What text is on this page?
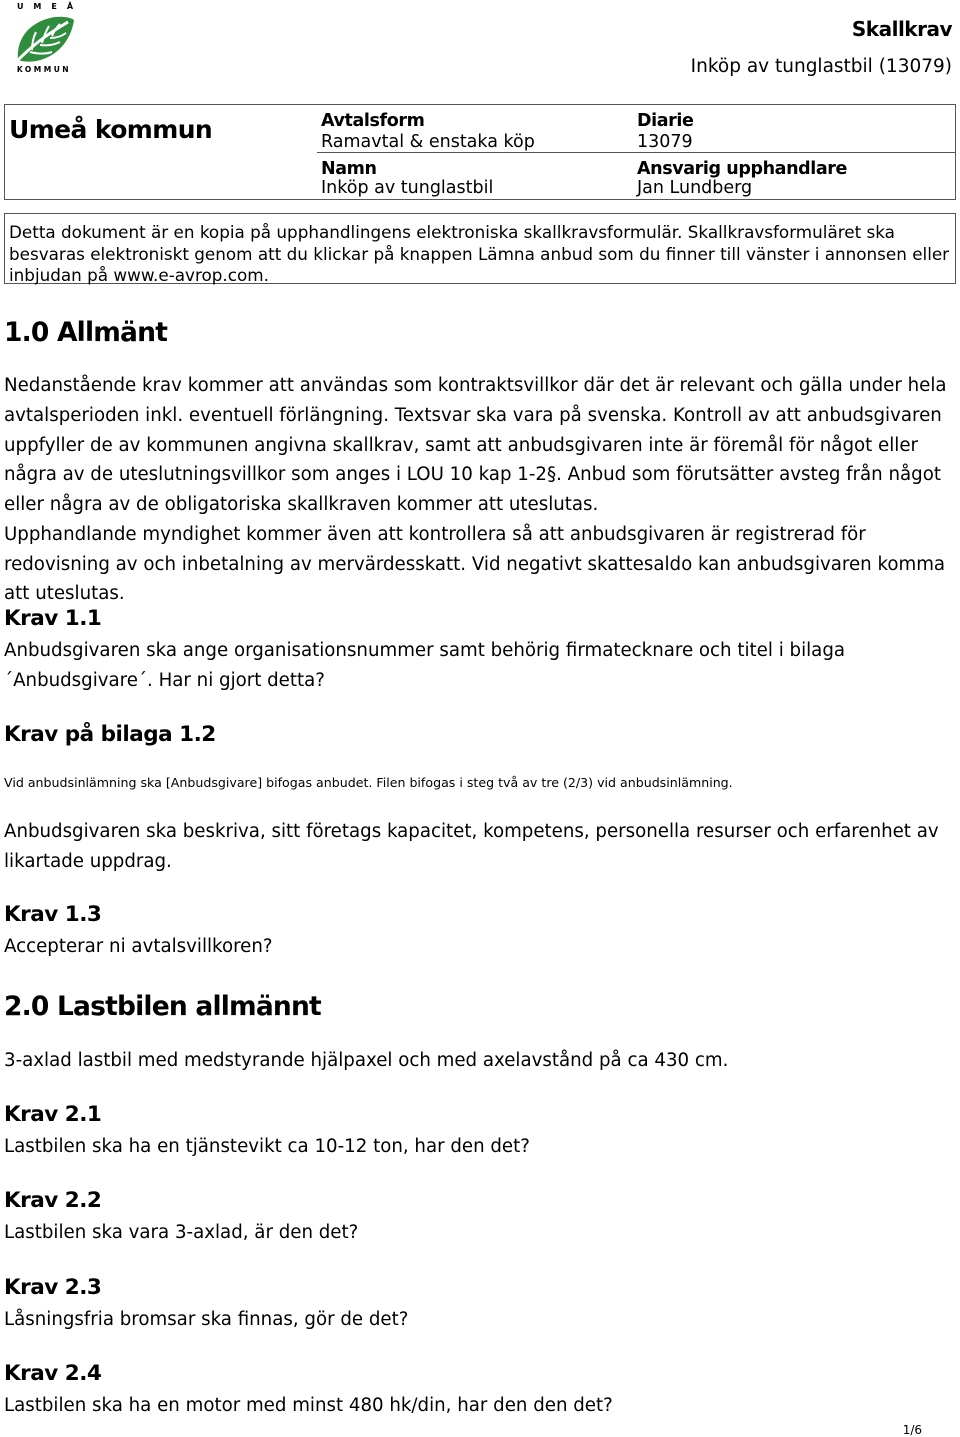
UMEÅ
KOMMUN
Skallkrav
Inköp av tunglastbil (13079)
Umeå kommun	Avtalsform
Ramavtal & enstaka köp
Namn
Inköp av tunglastbil
Diarie
13079
Ansvarig upphandlare
Jan Lundberg
Detta dokument är en kopia på upphandlingens elektroniska skallkravsformulär. Skallkravsformuläret ska besvaras elektroniskt genom att du klickar på knappen Lämna anbud som du finner till vänster i annonsen eller inbjudan på www.e-avrop.com.
1.0 Allmänt
Nedanstående krav kommer att användas som kontraktsvillkor där det är relevant och gälla under hela avtalsperioden inkl. eventuell förlängning. Textsvar ska vara på svenska. Kontroll av att anbudsgivaren uppfyller de av kommunen angivna skallkrav, samt att anbudsgivaren inte är föremål för något eller några av de uteslutningsvillkor som anges i LOU 10 kap 1-2§. Anbud som förutsätter avsteg från något eller några av de obligatoriska skallkraven kommer att uteslutas.
Upphandlande myndighet kommer även att kontrollera så att anbudsgivaren är registrerad för redovisning av och inbetalning av mervärdesskatt. Vid negativt skattesaldo kan anbudsgivaren komma att uteslutas.
Krav 1.1
Anbudsgivaren ska ange organisationsnummer samt behörig firmatecknare och titel i bilaga ´Anbudsgivare´. Har ni gjort detta?
Krav på bilaga 1.2
Vid anbudsinlämning ska [Anbudsgivare] bifogas anbudet. Filen bifogas i steg två av tre (2/3) vid anbudsinlämning.
Anbudsgivaren ska beskriva, sitt företags kapacitet, kompetens, personella resurser och erfarenhet av likartade uppdrag.
Krav 1.3
Accepterar ni avtalsvillkoren?
2.0 Lastbilen allmännt
3-axlad lastbil med medstyrande hjälpaxel och med axelavstånd på ca 430 cm.
Krav 2.1
Lastbilen ska ha en tjänstevikt ca 10-12 ton, har den det?
Krav 2.2
Lastbilen ska vara 3-axlad, är den det?
Krav 2.3
Låsningsfria bromsar ska finnas, gör de det?
Krav 2.4
Lastbilen ska ha en motor med minst 480 hk/din, har den den det?
1/6
